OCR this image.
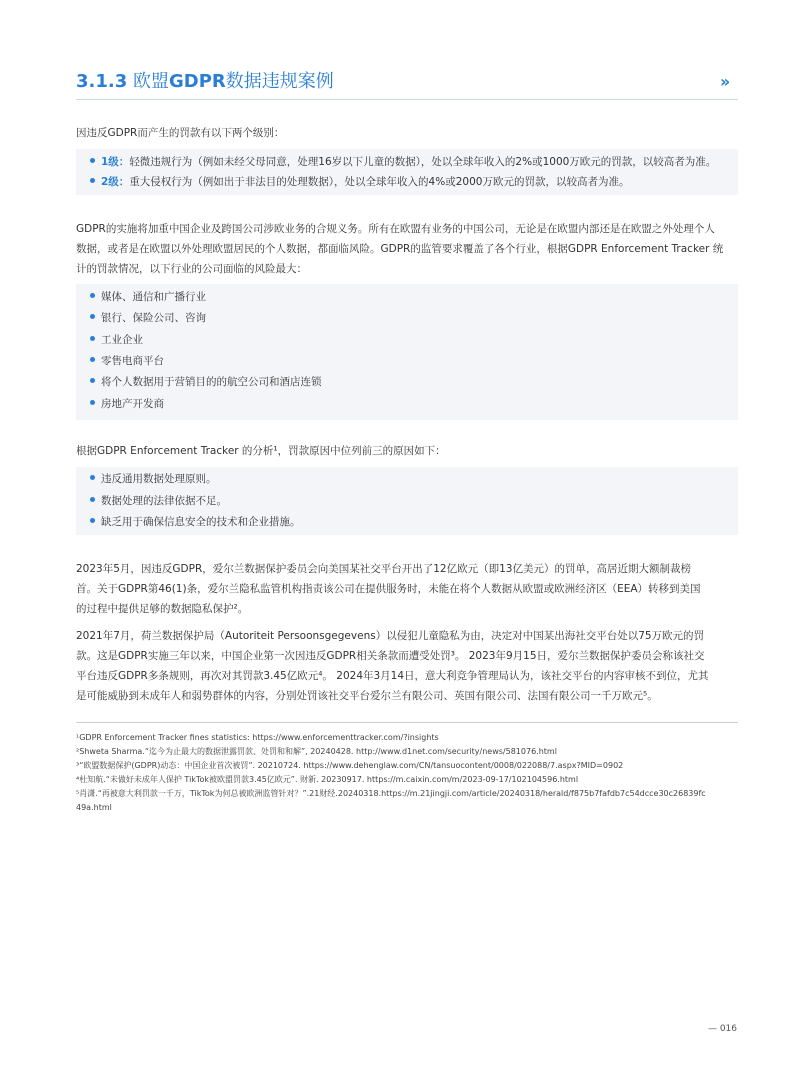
3.1.3 欧盟GDPR数据违规案例	››
因违反GDPR而产生的罚款有以下两个级别：
1级：轻微违规行为（例如未经父母同意，处理16岁以下儿童的数据），处以全球年收入的2%或1000万欧元的罚款，以较高者为准。
2级：重大侵权行为（例如出于非法目的处理数据），处以全球年收入的4%或2000万欧元的罚款，以较高者为准。
GDPR的实施将加重中国企业及跨国公司涉欧业务的合规义务。所有在欧盟有业务的中国公司，无论是在欧盟内部还是在欧盟之外处理个人
数据，或者是在欧盟以外处理欧盟居民的个人数据，都面临风险。GDPR的监管要求覆盖了各个行业，根据GDPR Enforcement Tracker 统
计的罚款情况，以下行业的公司面临的风险最大：
媒体、通信和广播行业
银行、保险公司、咨询
工业企业
零售电商平台
将个人数据用于营销目的的航空公司和酒店连锁
房地产开发商
根据GDPR Enforcement Tracker 的分析¹，罚款原因中位列前三的原因如下：
违反通用数据处理原则。
数据处理的法律依据不足。
缺乏用于确保信息安全的技术和企业措施。
2023年5月，因违反GDPR，爱尔兰数据保护委员会向美国某社交平台开出了12亿欧元（即13亿美元）的罚单，高居近期大额制裁榜
首。关于GDPR第46(1)条，爱尔兰隐私监管机构指责该公司在提供服务时，未能在将个人数据从欧盟或欧洲经济区（EEA）转移到美国
的过程中提供足够的数据隐私保护²。
2021年7月，荷兰数据保护局（Autoriteit Persoonsgegevens）以侵犯儿童隐私为由，决定对中国某出海社交平台处以75万欧元的罚
款。这是GDPR实施三年以来，中国企业第一次因违反GDPR相关条款而遭受处罚³。 2023年9月15日，爱尔兰数据保护委员会称该社交
平台违反GDPR多条规则，再次对其罚款3.45亿欧元⁴。 2024年3月14日，意大利竞争管理局认为，该社交平台的内容审核不到位，尤其
是可能威胁到未成年人和弱势群体的内容，分别处罚该社交平台爱尔兰有限公司、英国有限公司、法国有限公司一千万欧元⁵。
¹GDPR Enforcement Tracker fines statistics: https://www.enforcementtracker.com/?insights
²Shweta Sharma.“迄今为止最大的数据泄露罚款、处罚和和解”, 20240428. http://www.d1net.com/security/news/581076.html
³“欧盟数据保护(GDPR)动态：中国企业首次被罚”. 20210724. https://www.dehenglaw.com/CN/tansuocontent/0008/022088/7.aspx?MID=0902
⁴杜知航.“未做好未成年人保护 TikTok被欧盟罚款3.45亿欧元”. 财新. 20230917. https://m.caixin.com/m/2023-09-17/102104596.html
⁵肖潇.“再被意大利罚款一千万，TikTok为何总被欧洲监管针对？”.21财经.20240318.https://m.21jingji.com/article/20240318/herald/f875b7fafdb7c54dcce30c26839fc
49a.html
— 016
